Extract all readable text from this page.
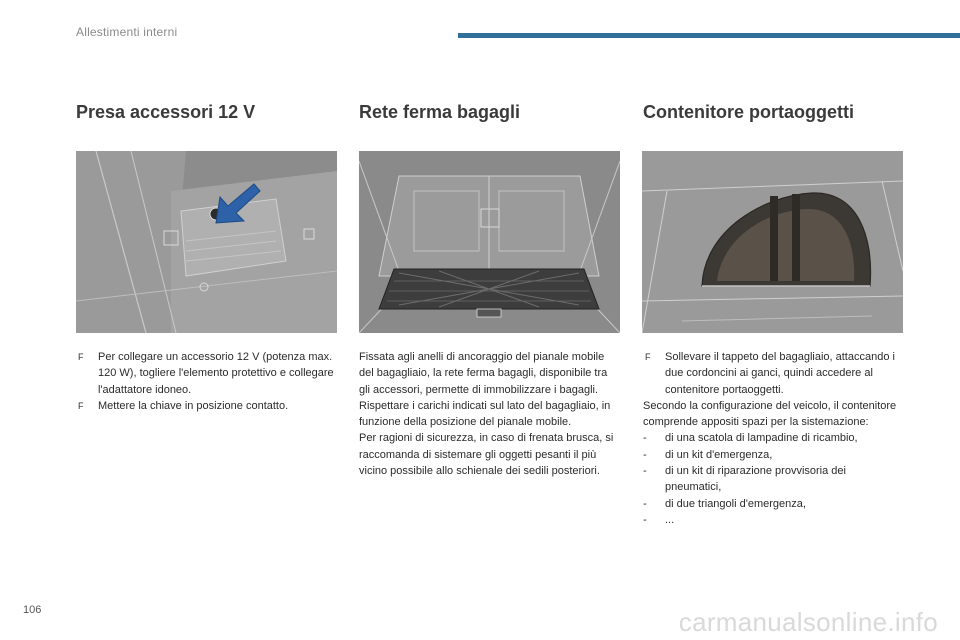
Allestimenti interni
Presa accessori 12 V
F Per collegare un accessorio 12 V (potenza max. 120 W), togliere l'elemento protettivo e collegare l'adattatore idoneo.
F Mettere la chiave in posizione contatto.
Rete ferma bagagli
Fissata agli anelli di ancoraggio del pianale mobile del bagagliaio, la rete ferma bagagli, disponibile tra gli accessori, permette di immobilizzare i bagagli.
Rispettare i carichi indicati sul lato del bagagliaio, in funzione della posizione del pianale mobile.
Per ragioni di sicurezza, in caso di frenata brusca, si raccomanda di sistemare gli oggetti pesanti il più vicino possibile allo schienale dei sedili posteriori.
Contenitore portaoggetti
F Sollevare il tappeto del bagagliaio, attaccando i due cordoncini ai ganci, quindi accedere al contenitore portaoggetti.
Secondo la configurazione del veicolo, il contenitore comprende appositi spazi per la sistemazione:
- di una scatola di lampadine di ricambio,
- di un kit d'emergenza,
- di un kit di riparazione provvisoria dei pneumatici,
- di due triangoli d'emergenza,
- ...
106	carmanualsonline.info
